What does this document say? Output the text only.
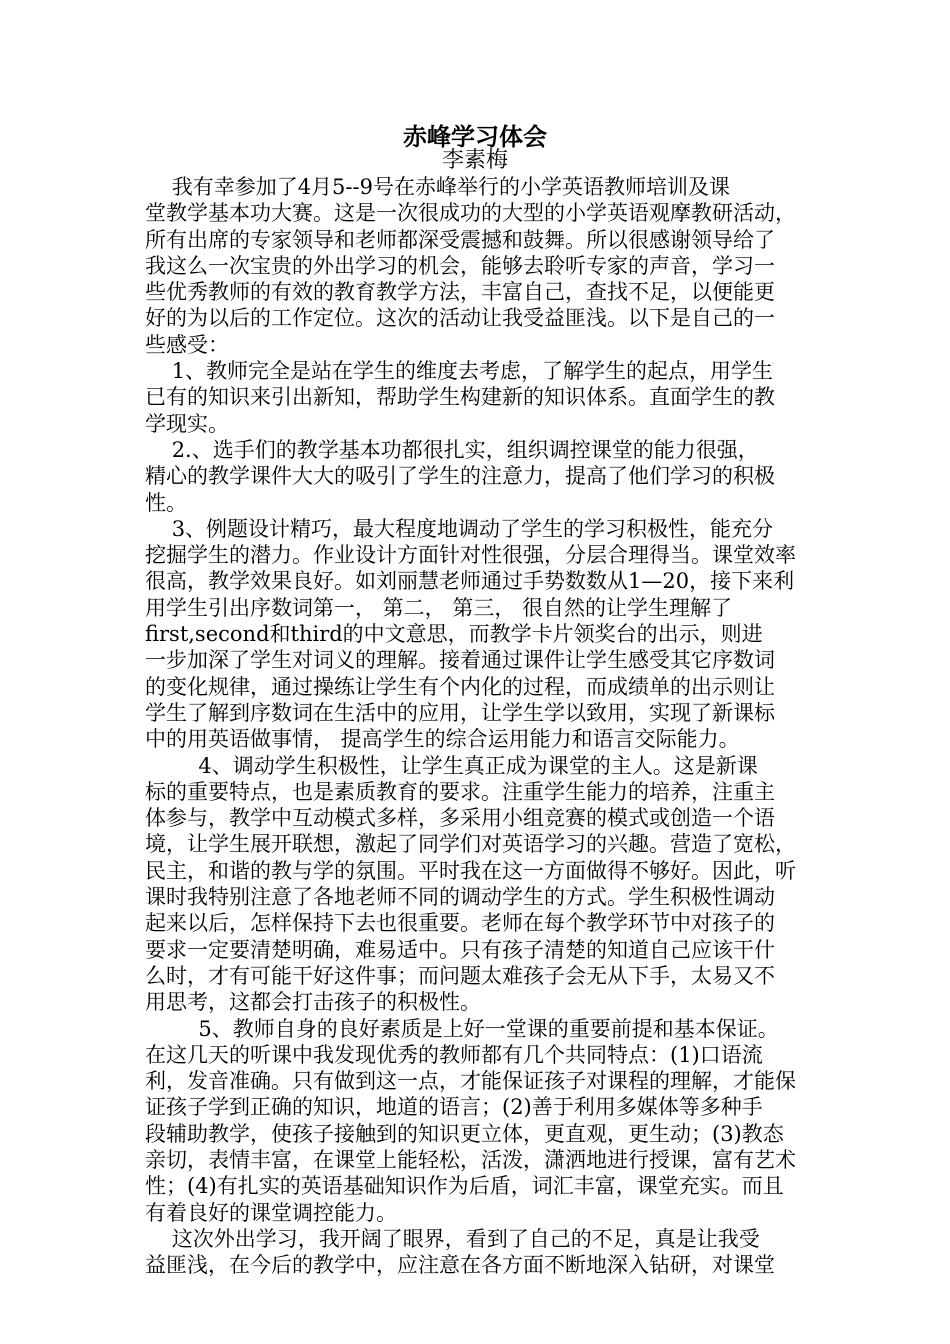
赤峰学习体会
李素梅
我有幸参加了4月5--9号在赤峰举行的小学英语教师培训及课
堂教学基本功大赛。这是一次很成功的大型的小学英语观摩教研活动，
所有出席的专家领导和老师都深受震撼和鼓舞。所以很感谢领导给了
我这么一次宝贵的外出学习的机会，能够去聆听专家的声音，学习一
些优秀教师的有效的教育教学方法，丰富自己，查找不足，以便能更
好的为以后的工作定位。这次的活动让我受益匪浅。以下是自己的一
些感受：
1、教师完全是站在学生的维度去考虑，了解学生的起点，用学生
已有的知识来引出新知，帮助学生构建新的知识体系。直面学生的教
学现实。
2.、选手们的教学基本功都很扎实，组织调控课堂的能力很强，
精心的教学课件大大的吸引了学生的注意力，提高了他们学习的积极
性。
3、例题设计精巧，最大程度地调动了学生的学习积极性，能充分
挖掘学生的潜力。作业设计方面针对性很强，分层合理得当。课堂效率
很高，教学效果良好。如刘丽慧老师通过手势数数从1—20，接下来利
用学生引出序数词第一， 第二， 第三， 很自然的让学生理解了
first,second和third的中文意思，而教学卡片领奖台的出示，则进
一步加深了学生对词义的理解。接着通过课件让学生感受其它序数词
的变化规律，通过操练让学生有个内化的过程，而成绩单的出示则让
学生了解到序数词在生活中的应用，让学生学以致用，实现了新课标
中的用英语做事情， 提高学生的综合运用能力和语言交际能力。
4、调动学生积极性，让学生真正成为课堂的主人。这是新课
标的重要特点，也是素质教育的要求。注重学生能力的培养，注重主
体参与，教学中互动模式多样，多采用小组竞赛的模式或创造一个语
境，让学生展开联想，激起了同学们对英语学习的兴趣。营造了宽松，
民主，和谐的教与学的氛围。平时我在这一方面做得不够好。因此，听
课时我特别注意了各地老师不同的调动学生的方式。学生积极性调动
起来以后，怎样保持下去也很重要。老师在每个教学环节中对孩子的
要求一定要清楚明确，难易适中。只有孩子清楚的知道自己应该干什
么时，才有可能干好这件事；而问题太难孩子会无从下手，太易又不
用思考，这都会打击孩子的积极性。
5、教师自身的良好素质是上好一堂课的重要前提和基本保证。
在这几天的听课中我发现优秀的教师都有几个共同特点：(1)口语流
利，发音准确。只有做到这一点，才能保证孩子对课程的理解，才能保
证孩子学到正确的知识，地道的语言；(2)善于利用多媒体等多种手
段辅助教学，使孩子接触到的知识更立体，更直观，更生动；(3)教态
亲切，表情丰富，在课堂上能轻松，活泼，潇洒地进行授课，富有艺术
性；(4)有扎实的英语基础知识作为后盾，词汇丰富，课堂充实。而且
有着良好的课堂调控能力。
这次外出学习，我开阔了眼界，看到了自己的不足，真是让我受
益匪浅，在今后的教学中，应注意在各方面不断地深入钻研，对课堂
